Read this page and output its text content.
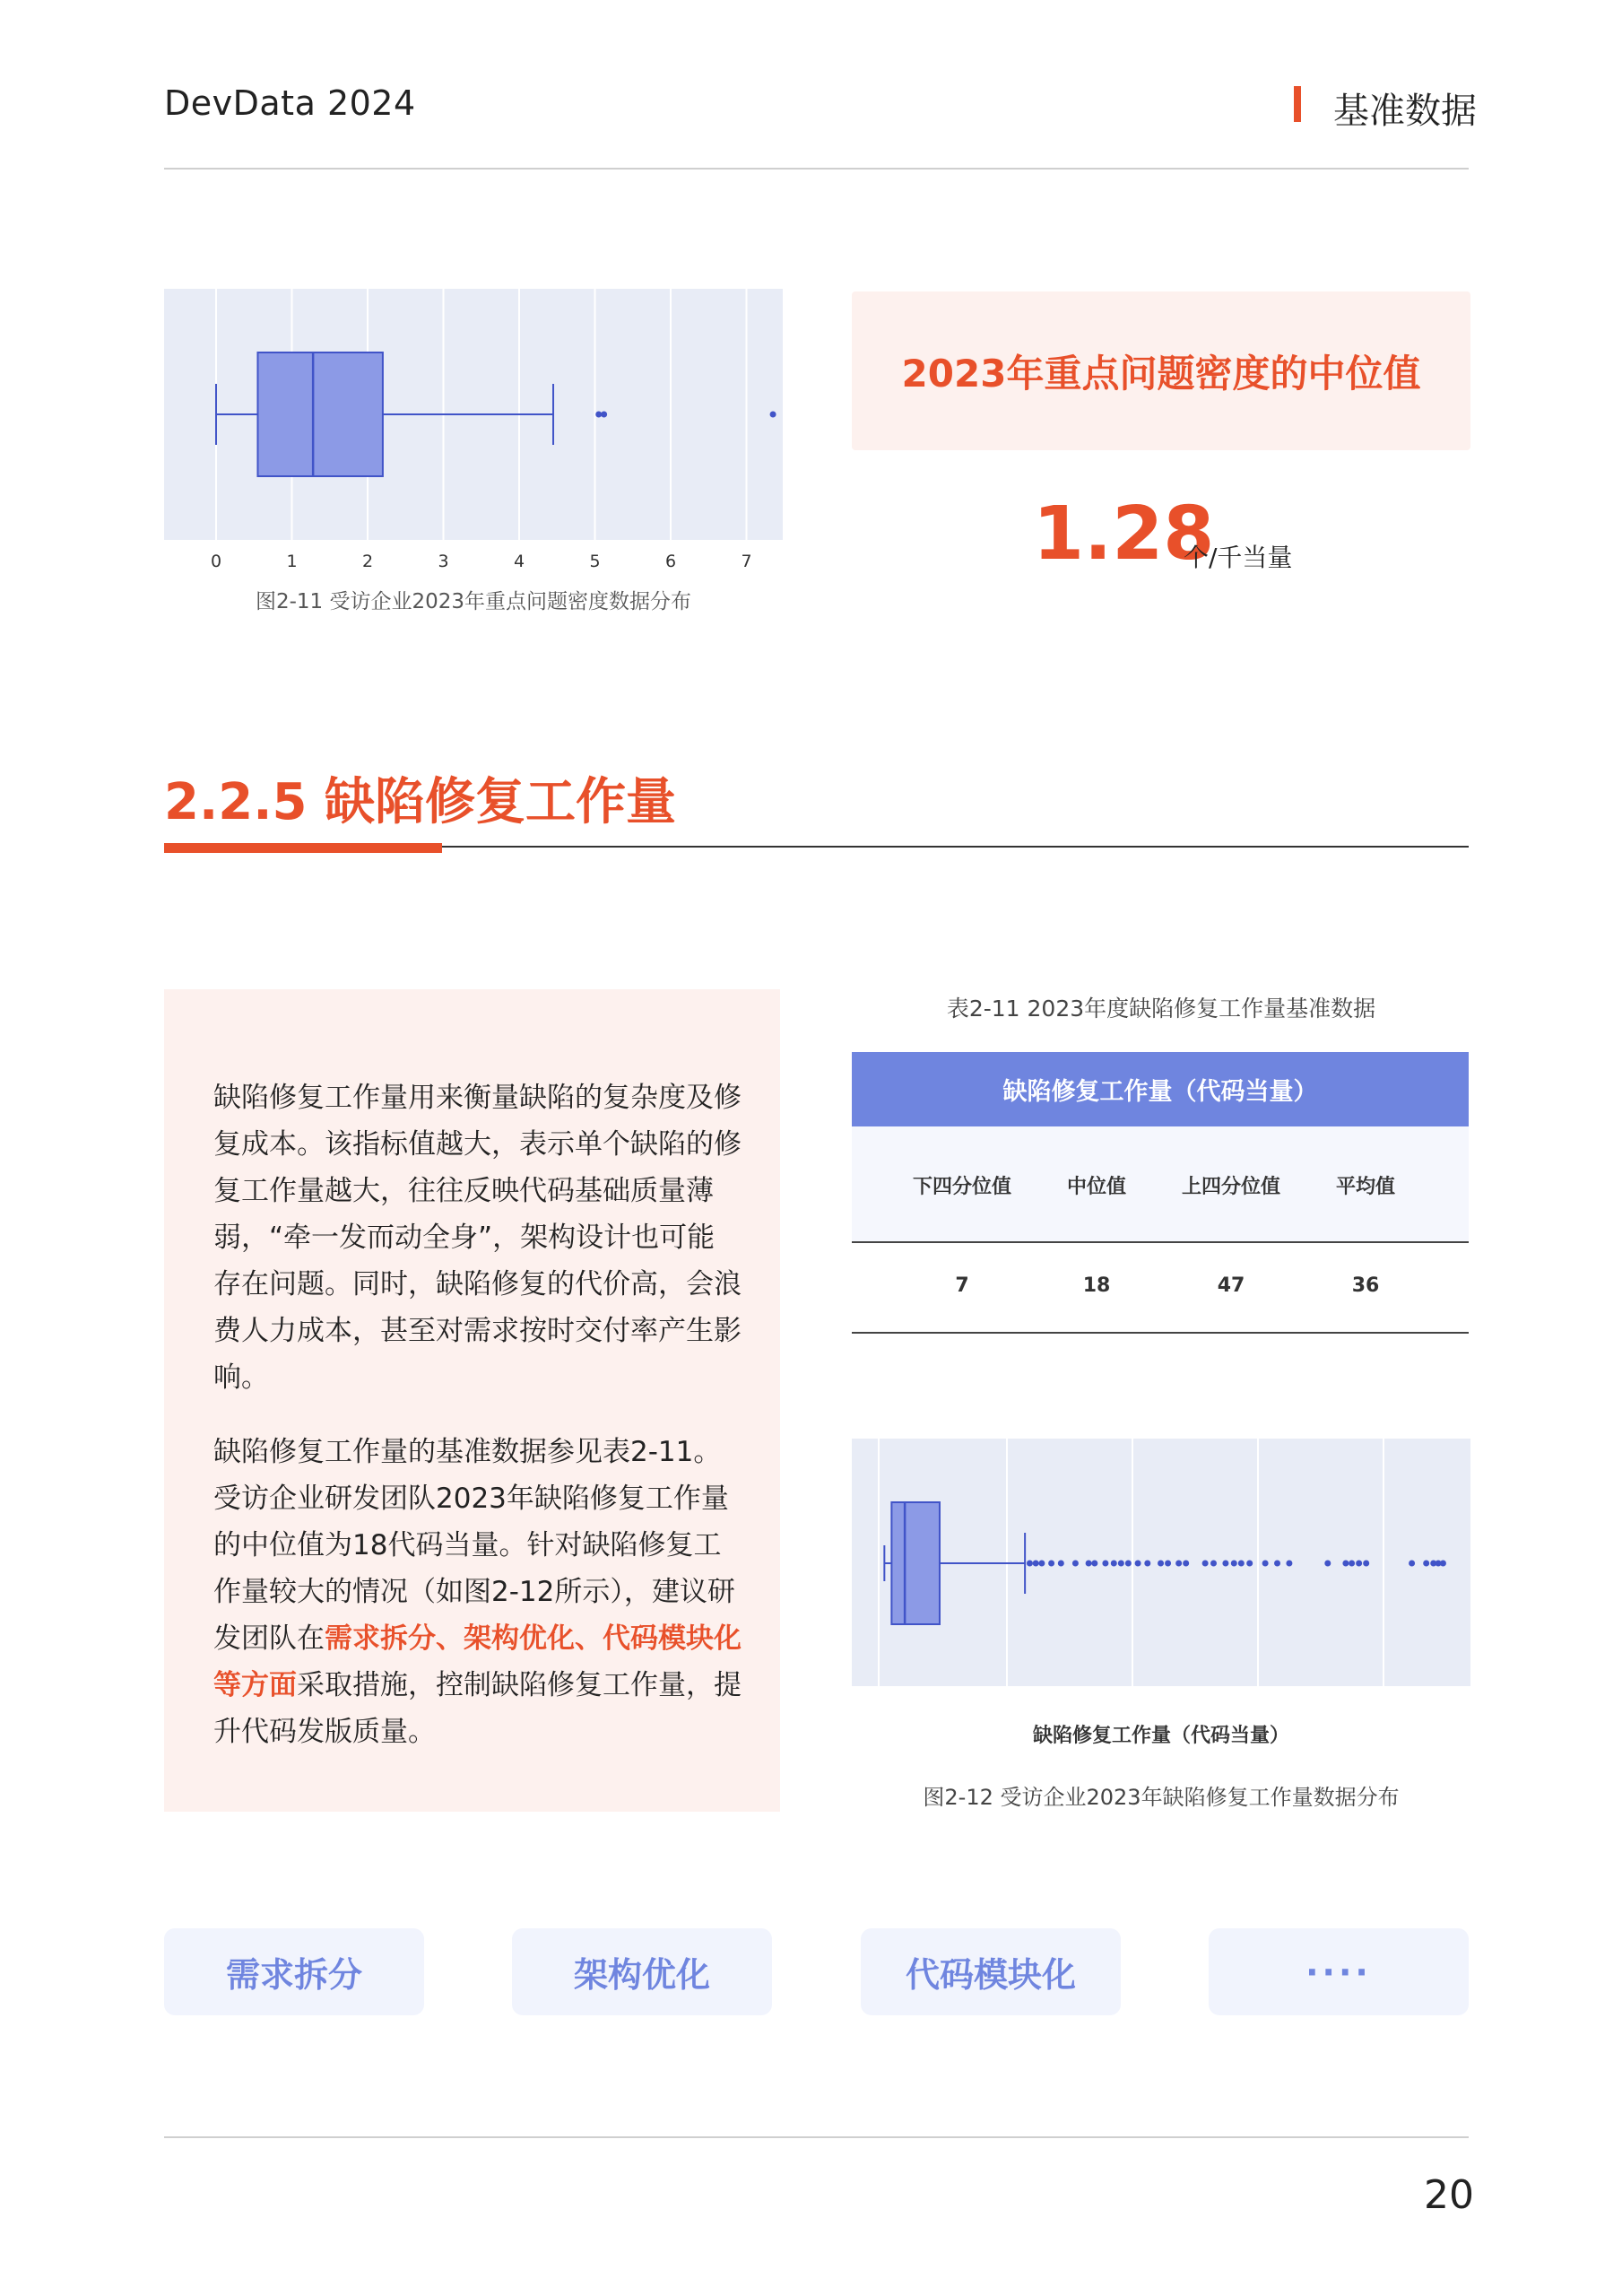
DevData 2024	基准数据
0	1	2	3	4	5	6	7
图2-11 受访企业2023年重点问题密度数据分布
2023年重点问题密度的中位值
1.28
个/千当量
2.2.5 缺陷修复工作量

缺陷修复工作量用来衡量缺陷的复杂度及修复成本。该指标值越大，表示单个缺陷的修复工作量越大，往往反映代码基础质量薄弱，“牵一发而动全身”，架构设计也可能存在问题。同时，缺陷修复的代价高，会浪费人力成本，甚至对需求按时交付率产生影响。

缺陷修复工作量的基准数据参见表2-11。受访企业研发团队2023年缺陷修复工作量的中位值为18代码当量。针对缺陷修复工作量较大的情况（如图2-12所示），建议研发团队在需求拆分、架构优化、代码模块化等方面采取措施，控制缺陷修复工作量，提升代码发版质量。

表2-11 2023年度缺陷修复工作量基准数据
缺陷修复工作量（代码当量）
下四分位值	中位值	上四分位值	平均值
7	18	47	36
缺陷修复工作量（代码当量）
图2-12 受访企业2023年缺陷修复工作量数据分布
需求拆分	架构优化	代码模块化	····
20
